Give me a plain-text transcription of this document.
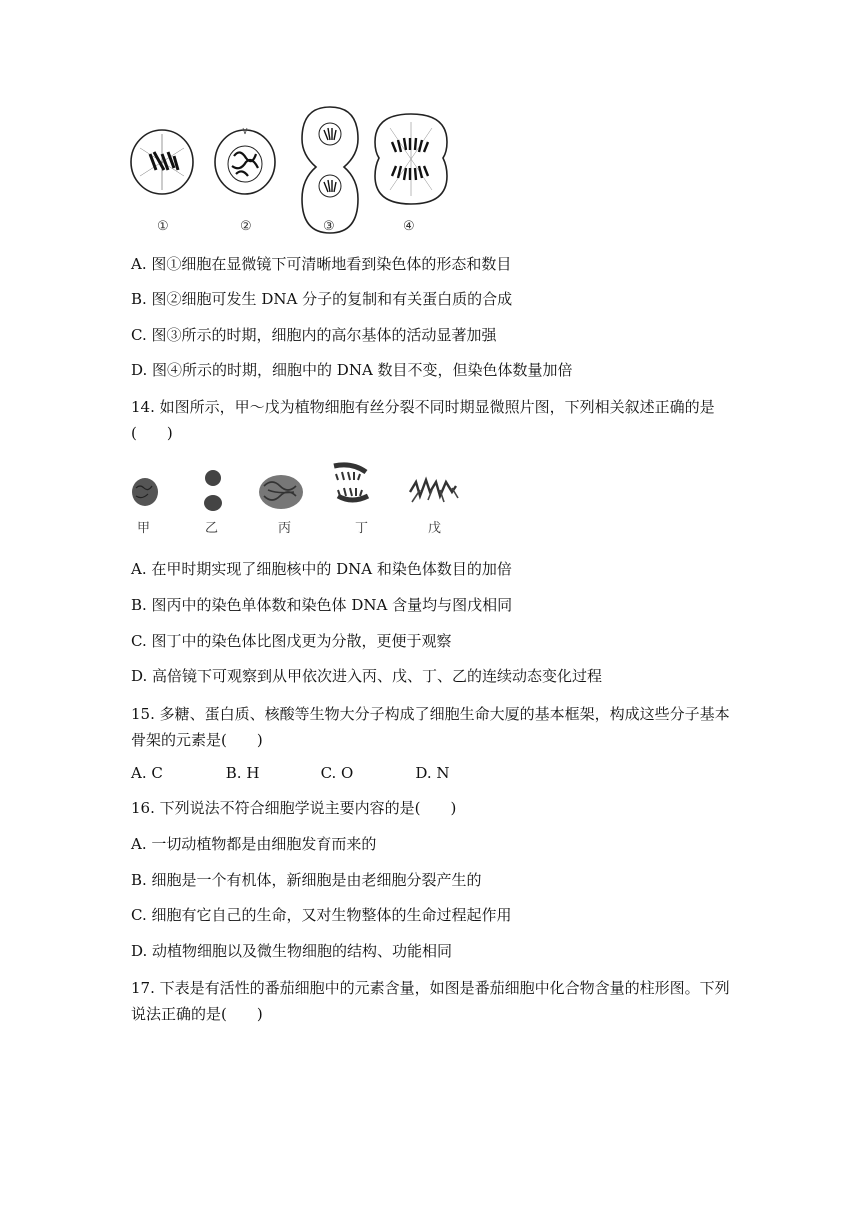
①	②	③	④
A. 图①细胞在显微镜下可清晰地看到染色体的形态和数目
B. 图②细胞可发生 DNA 分子的复制和有关蛋白质的合成
C. 图③所示的时期，细胞内的高尔基体的活动显著加强
D. 图④所示的时期，细胞中的 DNA 数目不变，但染色体数量加倍
14. 如图所示，甲～戊为植物细胞有丝分裂不同时期显微照片图，下列相关叙述正确的是(　　)
甲	乙	丙	丁	戊
A. 在甲时期实现了细胞核中的 DNA 和染色体数目的加倍
B. 图丙中的染色单体数和染色体 DNA 含量均与图戊相同
C. 图丁中的染色体比图戊更为分散，更便于观察
D. 高倍镜下可观察到从甲依次进入丙、戊、丁、乙的连续动态变化过程
15. 多糖、蛋白质、核酸等生物大分子构成了细胞生命大厦的基本框架，构成这些分子基本骨架的元素是(　　)
A. C	B. H	C. O	D. N
16. 下列说法不符合细胞学说主要内容的是(　　)
A. 一切动植物都是由细胞发育而来的
B. 细胞是一个有机体，新细胞是由老细胞分裂产生的
C. 细胞有它自己的生命，又对生物整体的生命过程起作用
D. 动植物细胞以及微生物细胞的结构、功能相同
17. 下表是有活性的番茄细胞中的元素含量，如图是番茄细胞中化合物含量的柱形图。下列说法正确的是(　　)
